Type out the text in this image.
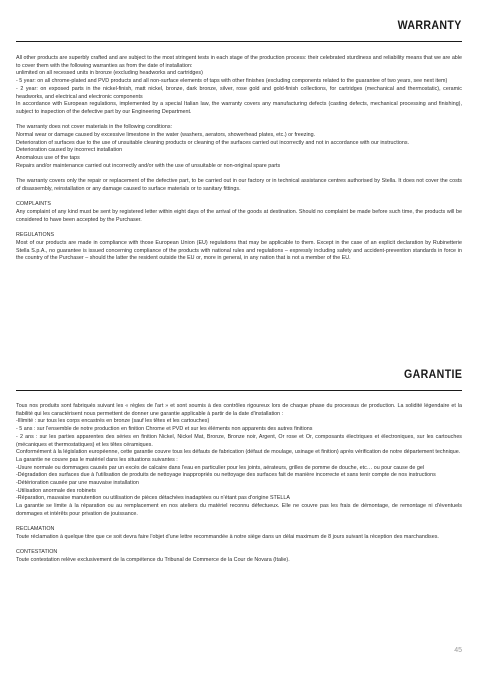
WARRANTY

All other products are superbly crafted and are subject to the most stringent tests in each stage of the production process: their celebrated sturdiness and reliability means that we are able to cover them with the following warranties as from the date of installation:

unlimited on all recessed units in bronze (excluding headworks and cartridges)

- 5 year: on all chrome-plated and PVD products and all non-surface elements of taps with other finishes (excluding components related to the guarantee of two years, see next item)

- 2 year: on exposed parts in the nickel-finish, matt nickel, bronze, dark bronze, silver, rose gold and gold-finish collections, for cartridges (mechanical and thermostatic), ceramic headworks, and electrical and electronic components

In accordance with European regulations, implemented by a special Italian law, the warranty covers any manufacturing defects (casting defects, mechanical processing and finishing), subject to inspection of the defective part by our Engineering Department.

The warranty does not cover materials in the following conditions:

Normal wear or damage caused by excessive limestone in the water (washers, aerators, showerhead plates, etc.) or freezing.

Deterioration of surfaces due to the use of unsuitable cleaning products or cleaning of the surfaces carried out incorrectly and not in accordance with our instructions.

Deterioration caused by incorrect installation

Anomalous use of the taps

Repairs and/or maintenance carried out incorrectly and/or with the use of unsuitable or non-original spare parts

The warranty covers only the repair or replacement of the defective part, to be carried out in our factory or in technical assistance centres authorised by Stella. It does not cover the costs of disassembly, reinstallation or any damage caused to surface materials or to sanitary fittings.

COMPLAINTS

Any complaint of any kind must be sent by registered letter within eight days of the arrival of the goods at destination. Should no complaint be made before such time, the products will be considered to have been accepted by the Purchaser.

REGULATIONS

Most of our products are made in compliance with those European Union (EU) regulations that may be applicable to them. Except in the case of an explicit declaration by Rubinetterie Stella S.p.A., no guarantee is issued concerning compliance of the products with national rules and regulations – expressly including safety and accident-prevention standards in force in the country of the Purchaser – should the latter the resident outside the EU or, more in general, in any nation that is not a member of the EU.

GARANTIE

Tous nos produits sont fabriqués suivant les « règles de l'art » et sont soumis à des contrôles rigoureux lors de chaque phase du processus de production. La solidité légendaire et la fiabilité qui les caractérisent nous permettent de donner une garantie applicable à partir de la date d'installation :

-Illimité : sur tous les corps encastrés en bronze (sauf les têtes et les cartouches)

- 5 ans : sur l'ensemble de notre production en finition Chrome et PVD et sur les éléments non apparents des autres finitions

- 2 ans : sur les parties apparentes des séries en finition Nickel, Nickel Mat, Bronze, Bronze noir, Argent, Or rose et Or, composants électriques et électroniques, sur les cartouches (mécaniques et thermostatiques) et les têtes céramiques.

Conformément à la législation européenne, cette garantie couvre tous les défauts de fabrication (défaut de moulage, usinage et finition) après vérification de notre département technique.

La garantie ne couvre pas le matériel dans les situations suivantes :

-Usure normale ou dommages causés par un excès de calcaire dans l'eau en particulier pour les joints, aérateurs, grilles de pomme de douche, etc… ou pour cause de gel

-Dégradation des surfaces due à l'utilisation de produits de nettoyage inappropriés ou nettoyage des surfaces fait de manière incorrecte et sans tenir compte de nos instructions

-Détérioration causée par une mauvaise installation

-Utilisation anormale des robinets

-Réparation, mauvaise manutention ou utilisation de pièces détachées inadaptées ou n'étant pas d'origine STELLA

La garantie se limite à la réparation ou au remplacement en nos ateliers du matériel reconnu défectueux. Elle ne couvre pas les frais de démontage, de remontage ni d'éventuels dommages et intérêts pour privation de jouissance.

RECLAMATION

Toute réclamation à quelque titre que ce soit devra faire l'objet d'une lettre recommandée à notre siège dans un délai maximum de 8 jours suivant la réception des marchandises.

CONTESTATION

Toute contestation relève exclusivement de la compétence du Tribunal de Commerce de la Cour de Novara (Italie).

45
